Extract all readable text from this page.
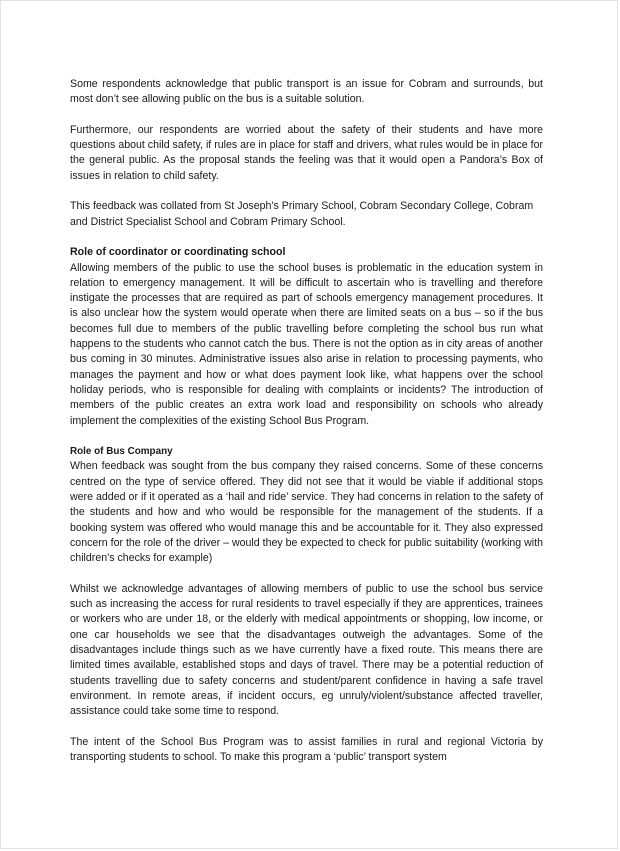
Some respondents acknowledge that public transport is an issue for Cobram and surrounds, but most don’t see allowing public on the bus is a suitable solution.

Furthermore, our respondents are worried about the safety of their students and have more questions about child safety, if rules are in place for staff and drivers, what rules would be in place for the general public. As the proposal stands the feeling was that it would open a Pandora’s Box of issues in relation to child safety.

This feedback was collated from St Joseph’s Primary School, Cobram Secondary College, Cobram and District Specialist School and Cobram Primary School.

Role of coordinator or coordinating school

Allowing members of the public to use the school buses is problematic in the education system in relation to emergency management. It will be difficult to ascertain who is travelling and therefore instigate the processes that are required as part of schools emergency management procedures. It is also unclear how the system would operate when there are limited seats on a bus – so if the bus becomes full due to members of the public travelling before completing the school bus run what happens to the students who cannot catch the bus. There is not the option as in city areas of another bus coming in 30 minutes. Administrative issues also arise in relation to processing payments, who manages the payment and how or what does payment look like, what happens over the school holiday periods, who is responsible for dealing with complaints or incidents? The introduction of members of the public creates an extra work load and responsibility on schools who already implement the complexities of the existing School Bus Program.

Role of Bus Company

When feedback was sought from the bus company they raised concerns. Some of these concerns centred on the type of service offered. They did not see that it would be viable if additional stops were added or if it operated as a ‘hail and ride’ service. They had concerns in relation to the safety of the students and how and who would be responsible for the management of the students. If a booking system was offered who would manage this and be accountable for it. They also expressed concern for the role of the driver – would they be expected to check for public suitability (working with children’s checks for example)

Whilst we acknowledge advantages of allowing members of public to use the school bus service such as increasing the access for rural residents to travel especially if they are apprentices, trainees or workers who are under 18, or the elderly with medical appointments or shopping, low income, or one car households we see that the disadvantages outweigh the advantages. Some of the disadvantages include things such as we have currently have a fixed route. This means there are limited times available, established stops and days of travel. There may be a potential reduction of students travelling due to safety concerns and student/parent confidence in having a safe travel environment. In remote areas, if incident occurs, eg unruly/violent/substance affected traveller, assistance could take some time to respond.

The intent of the School Bus Program was to assist families in rural and regional Victoria by transporting students to school. To make this program a ‘public’ transport system
